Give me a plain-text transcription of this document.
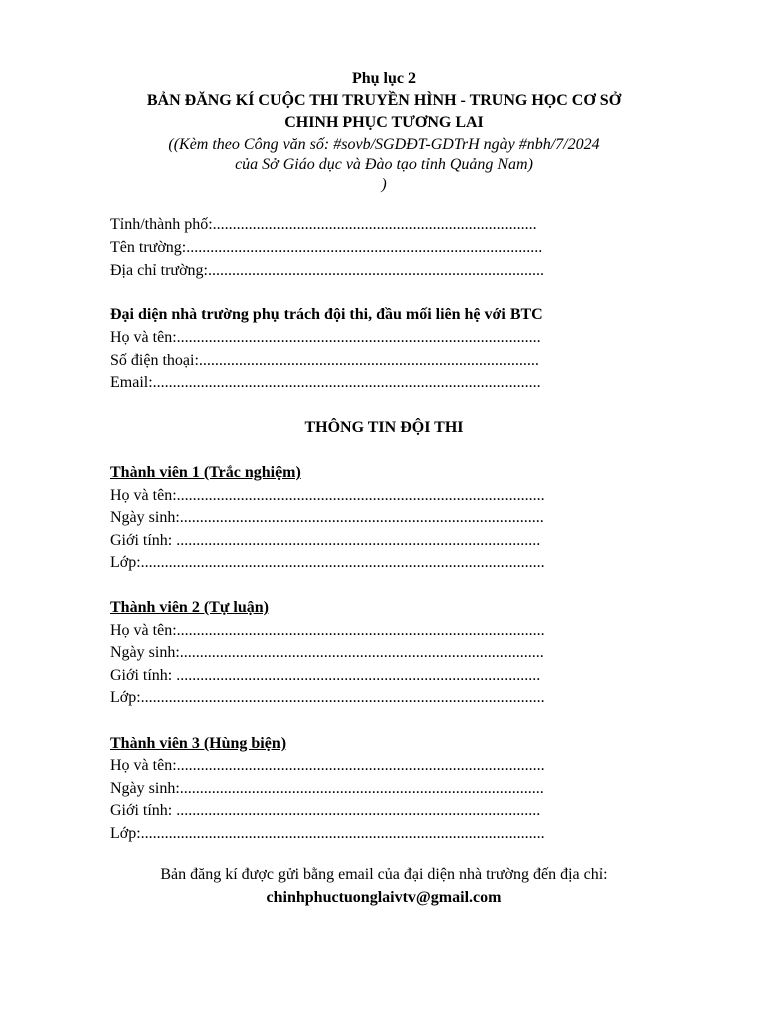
Phụ lục 2
BẢN ĐĂNG KÍ CUỘC THI TRUYỀN HÌNH - TRUNG HỌC CƠ SỞ
CHINH PHỤC TƯƠNG LAI
((Kèm theo Công văn số: #sovb/SGDĐT-GDTrH ngày #nbh/7/2024
của Sở Giáo dục và Đào tạo tỉnh Quảng Nam)
)
Tỉnh/thành phố:.................................................................................
Tên trường:.........................................................................................
Địa chỉ trường:....................................................................................
Đại diện nhà trường phụ trách đội thi, đầu mối liên hệ với BTC
Họ và tên:...........................................................................................
Số điện thoại:.....................................................................................
Email:.................................................................................................
THÔNG TIN ĐỘI THI
Thành viên 1 (Trắc nghiệm)
Họ và tên:............................................................................................
Ngày sinh:...........................................................................................
Giới tính: ...........................................................................................
Lớp:.....................................................................................................
Thành viên 2 (Tự luận)
Họ và tên:............................................................................................
Ngày sinh:...........................................................................................
Giới tính: ...........................................................................................
Lớp:.....................................................................................................
Thành viên 3 (Hùng biện)
Họ và tên:............................................................................................
Ngày sinh:...........................................................................................
Giới tính: ...........................................................................................
Lớp:.....................................................................................................
Bản đăng kí được gửi bằng email của đại diện nhà trường đến địa chỉ:
chinhphuctuonglaivtv@gmail.com
